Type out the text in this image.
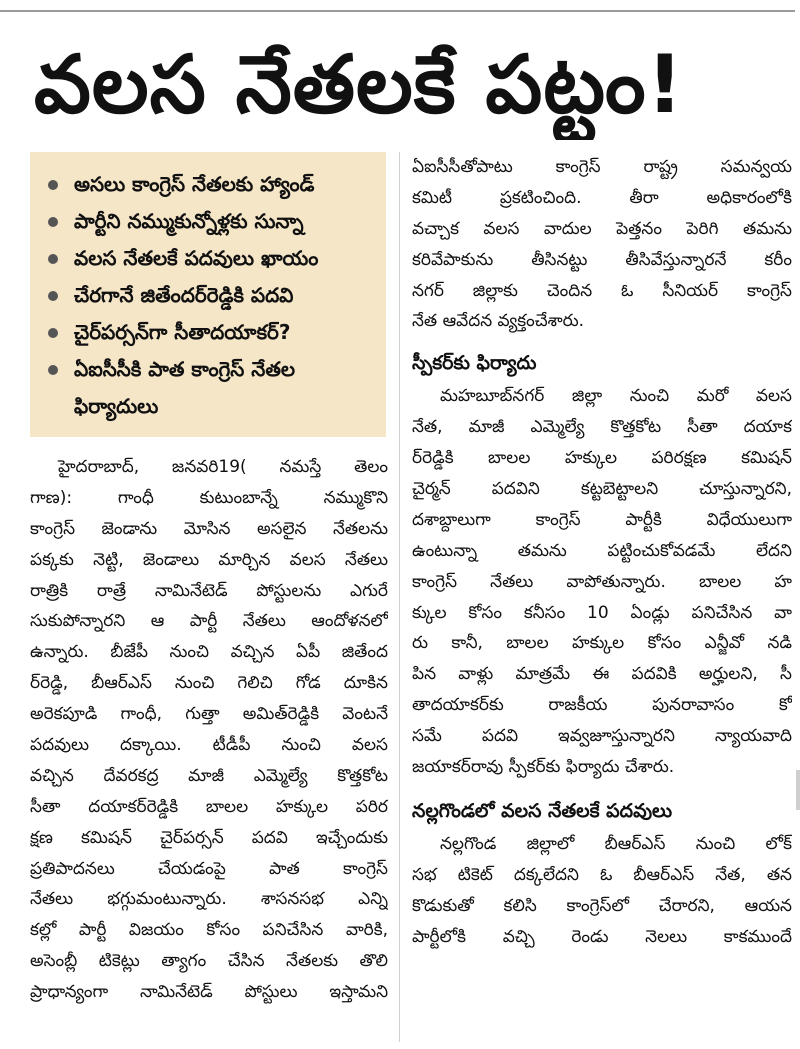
వలస నేతలకే పట్టం!
అసలు కాంగ్రెస్ నేతలకు హ్యాండ్
పార్టీని నమ్ముకున్నోళ్లకు సున్నా
వలస నేతలకే పదవులు ఖాయం
చేరగానే జితేందర్‌రెడ్డికి పదవి
చైర్‌పర్సన్‌గా సీతాదయాకర్?
ఏఐసీసీకి పాత కాంగ్రెస్ నేతల
ఫిర్యాదులు
హైదరాబాద్, జనవరి19( నమస్తే తెలం
గాణ): గాంధీ కుటుంబాన్నే నమ్ముకొని
కాంగ్రెస్ జెండాను మోసిన అసలైన నేతలను
పక్కకు నెట్టి, జెండాలు మార్చిన వలస నేతలు
రాత్రికి రాత్రే నామినేటెడ్ పోస్టులను ఎగురే
సుకుపోన్నారని ఆ పార్టీ నేతలు ఆందోళనలో
ఉన్నారు. బీజేపీ నుంచి వచ్చిన ఏపీ జితేంద
ర్‌రెడ్డి, బీఆర్‌ఎస్ నుంచి గెలిచి గోడ దూకిన
అరెకపూడి గాంధీ, గుత్తా అమిత్‌రెడ్డికి వెంటనే
పదవులు దక్కాయి. టీడీపీ నుంచి వలస
వచ్చిన దేవరకద్ర మాజీ ఎమ్మెల్యే కొత్తకోట
సీతా దయాకర్‌రెడ్డికి బాలల హక్కుల పరిర
క్షణ కమిషన్ చైర్‌పర్సన్ పదవి ఇచ్చేందుకు
ప్రతిపాదనలు చేయడంపై పాత కాంగ్రెస్
నేతలు భగ్గుమంటున్నారు. శాసనసభ ఎన్ని
కల్లో పార్టీ విజయం కోసం పనిచేసిన వారికి,
అసెంబ్లీ టికెట్లు త్యాగం చేసిన నేతలకు తొలి
ప్రాధాన్యంగా నామినేటెడ్ పోస్టులు ఇస్తామని
ఏఐసీసీతోపాటు కాంగ్రెస్ రాష్ట్ర సమన్వయ
కమిటీ ప్రకటించింది. తీరా అధికారంలోకి
వచ్చాక వలస వాదుల పెత్తనం పెరిగి తమను
కరివేపాకును తీసినట్టు తీసివేస్తున్నారనే కరీం
నగర్ జిల్లాకు చెందిన ఓ సీనియర్ కాంగ్రెస్
నేత ఆవేదన వ్యక్తంచేశారు.
స్పీకర్‌కు ఫిర్యాదు
మహబూబ్‌నగర్ జిల్లా నుంచి మరో వలస
నేత, మాజీ ఎమ్మెల్యే కొత్తకోట సీతా దయాక
ర్‌రెడ్డికి బాలల హక్కుల పరిరక్షణ కమిషన్
చైర్మన్ పదవిని కట్టబెట్టాలని చూస్తున్నారని,
దశాబ్దాలుగా కాంగ్రెస్ పార్టీకి విధేయులుగా
ఉంటున్నా తమను పట్టించుకోవడమే లేదని
కాంగ్రెస్ నేతలు వాపోతున్నారు. బాలల హ
క్కుల కోసం కనీసం 10 ఏండ్లు పనిచేసిన వా
రు కానీ, బాలల హక్కుల కోసం ఎన్జీవో నడి
పిన వాళ్లు మాత్రమే ఈ పదవికి అర్హులని, సీ
తాదయాకర్‌కు రాజకీయ పునరావాసం కో
సమే పదవి ఇవ్వజూస్తున్నారని న్యాయవాది
జయాకర్‌రావు స్పీకర్‌కు ఫిర్యాదు చేశారు.
నల్లగొండలో వలస నేతలకే పదవులు
నల్లగొండ జిల్లాలో బీఆర్‌ఎస్ నుంచి లోక్
సభ టికెట్ దక్కలేదని ఓ బీఆర్‌ఎస్ నేత, తన
కొడుకుతో కలిసి కాంగ్రెస్‌లో చేరారని, ఆయన
పార్టీలోకి వచ్చి రెండు నెలలు కాకముందే
